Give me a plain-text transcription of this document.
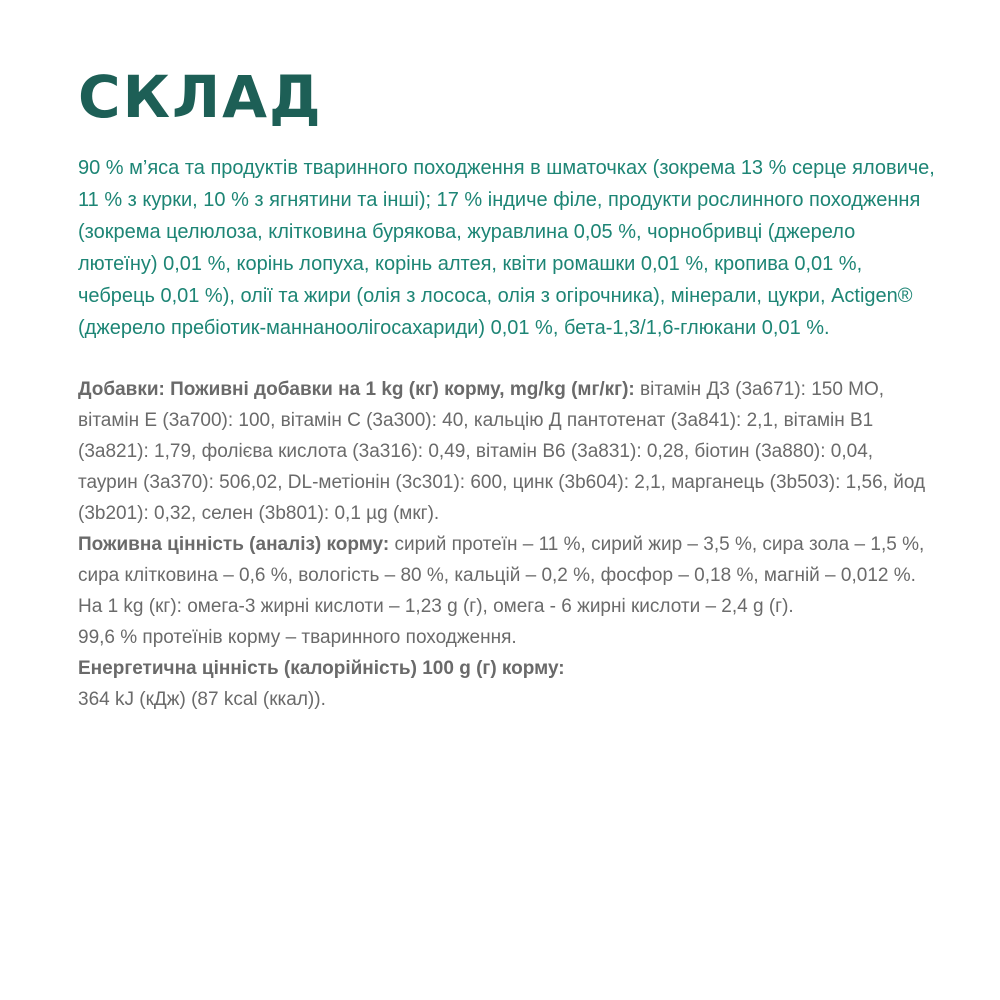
СКЛАД

90 % м’яса та продуктів тваринного походження в шматочках (зокрема 13 % серце яловиче, 11 % з курки, 10 % з ягнятини та інші); 17 % індиче філе, продукти рослинного походження (зокрема целюлоза, клітковина бурякова, журавлина 0,05 %, чорнобривці (джерело лютеїну) 0,01 %, корінь лопуха, корінь алтея, квіти ромашки 0,01 %, кропива 0,01 %, чебрець 0,01 %), олії та жири (олія з лососа, олія з огірочника), мінерали, цукри, Actigen® (джерело пребіотик-маннаноолігосахариди) 0,01 %, бета-1,3/1,6-глюкани 0,01 %.

Добавки: Поживні добавки на 1 kg (кг) корму, mg/kg (мг/кг): вітамін Д3 (3а671): 150 МО, вітамін Е (3а700): 100, вітамін С (3а300): 40, кальцію Д пантотенат (3а841): 2,1, вітамін В1 (3а821): 1,79, фолієва кислота (3а316): 0,49, вітамін В6 (3а831): 0,28, біотин (3а880): 0,04, таурин (3а370): 506,02, DL-метіонін (3с301): 600, цинк (3b604): 2,1, марганець (3b503): 1,56, йод (3b201): 0,32, селен (3b801): 0,1 µg (мкг).

Поживна цінність (аналіз) корму: сирий протеїн – 11 %, сирий жир – 3,5 %, сира зола – 1,5 %, сира клітковина – 0,6 %, вологість – 80 %, кальцій – 0,2 %, фосфор – 0,18 %, магній – 0,012 %. На 1 kg (кг): омега-3 жирні кислоти – 1,23 g (г), омега - 6 жирні кислоти – 2,4 g (г).

99,6 % протеїнів корму – тваринного походження.

Енергетична цінність (калорійність) 100 g (г) корму:

364 kJ (кДж) (87 kcal (ккал)).
